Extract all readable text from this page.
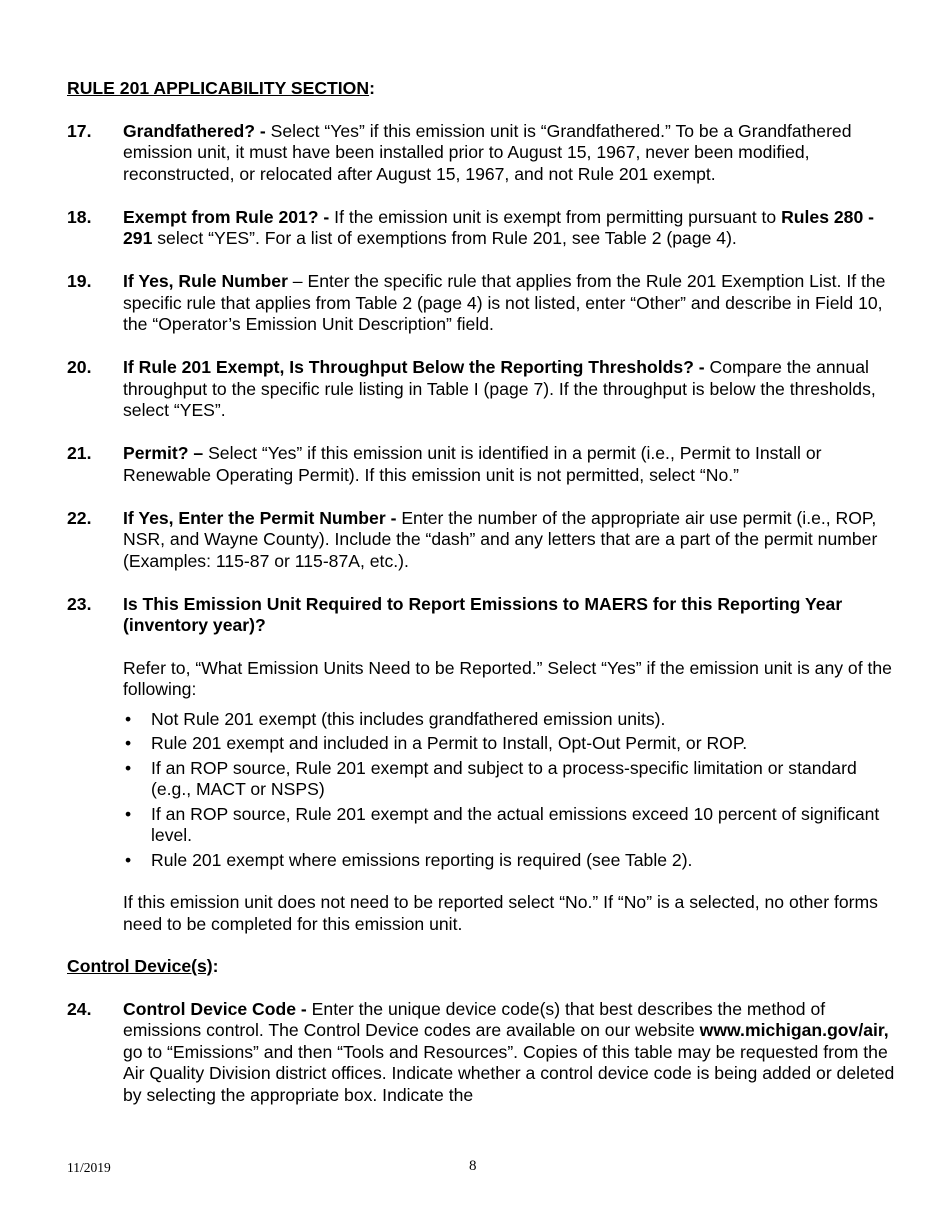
RULE 201 APPLICABILITY SECTION:
17. Grandfathered? - Select “Yes” if this emission unit is “Grandfathered.” To be a Grandfathered emission unit, it must have been installed prior to August 15, 1967, never been modified, reconstructed, or relocated after August 15, 1967, and not Rule 201 exempt.
18. Exempt from Rule 201? - If the emission unit is exempt from permitting pursuant to Rules 280 - 291 select “YES”. For a list of exemptions from Rule 201, see Table 2 (page 4).
19. If Yes, Rule Number – Enter the specific rule that applies from the Rule 201 Exemption List. If the specific rule that applies from Table 2 (page 4) is not listed, enter “Other” and describe in Field 10, the “Operator’s Emission Unit Description” field.
20. If Rule 201 Exempt, Is Throughput Below the Reporting Thresholds? - Compare the annual throughput to the specific rule listing in Table I (page 7). If the throughput is below the thresholds, select “YES”.
21. Permit? – Select “Yes” if this emission unit is identified in a permit (i.e., Permit to Install or Renewable Operating Permit). If this emission unit is not permitted, select “No.”
22. If Yes, Enter the Permit Number - Enter the number of the appropriate air use permit (i.e., ROP, NSR, and Wayne County). Include the “dash” and any letters that are a part of the permit number (Examples: 115-87 or 115-87A, etc.).
23. Is This Emission Unit Required to Report Emissions to MAERS for this Reporting Year (inventory year)?

Refer to, “What Emission Units Need to be Reported.” Select “Yes” if the emission unit is any of the following:

• Not Rule 201 exempt (this includes grandfathered emission units).
• Rule 201 exempt and included in a Permit to Install, Opt-Out Permit, or ROP.
• If an ROP source, Rule 201 exempt and subject to a process-specific limitation or standard (e.g., MACT or NSPS)
• If an ROP source, Rule 201 exempt and the actual emissions exceed 10 percent of significant level.
• Rule 201 exempt where emissions reporting is required (see Table 2).

If this emission unit does not need to be reported select “No.” If “No” is a selected, no other forms need to be completed for this emission unit.

Control Device(s):
24. Control Device Code - Enter the unique device code(s) that best describes the method of emissions control. The Control Device codes are available on our website www.michigan.gov/air, go to “Emissions” and then “Tools and Resources”. Copies of this table may be requested from the Air Quality Division district offices. Indicate whether a control device code is being added or deleted by selecting the appropriate box. Indicate the
11/2019	8
